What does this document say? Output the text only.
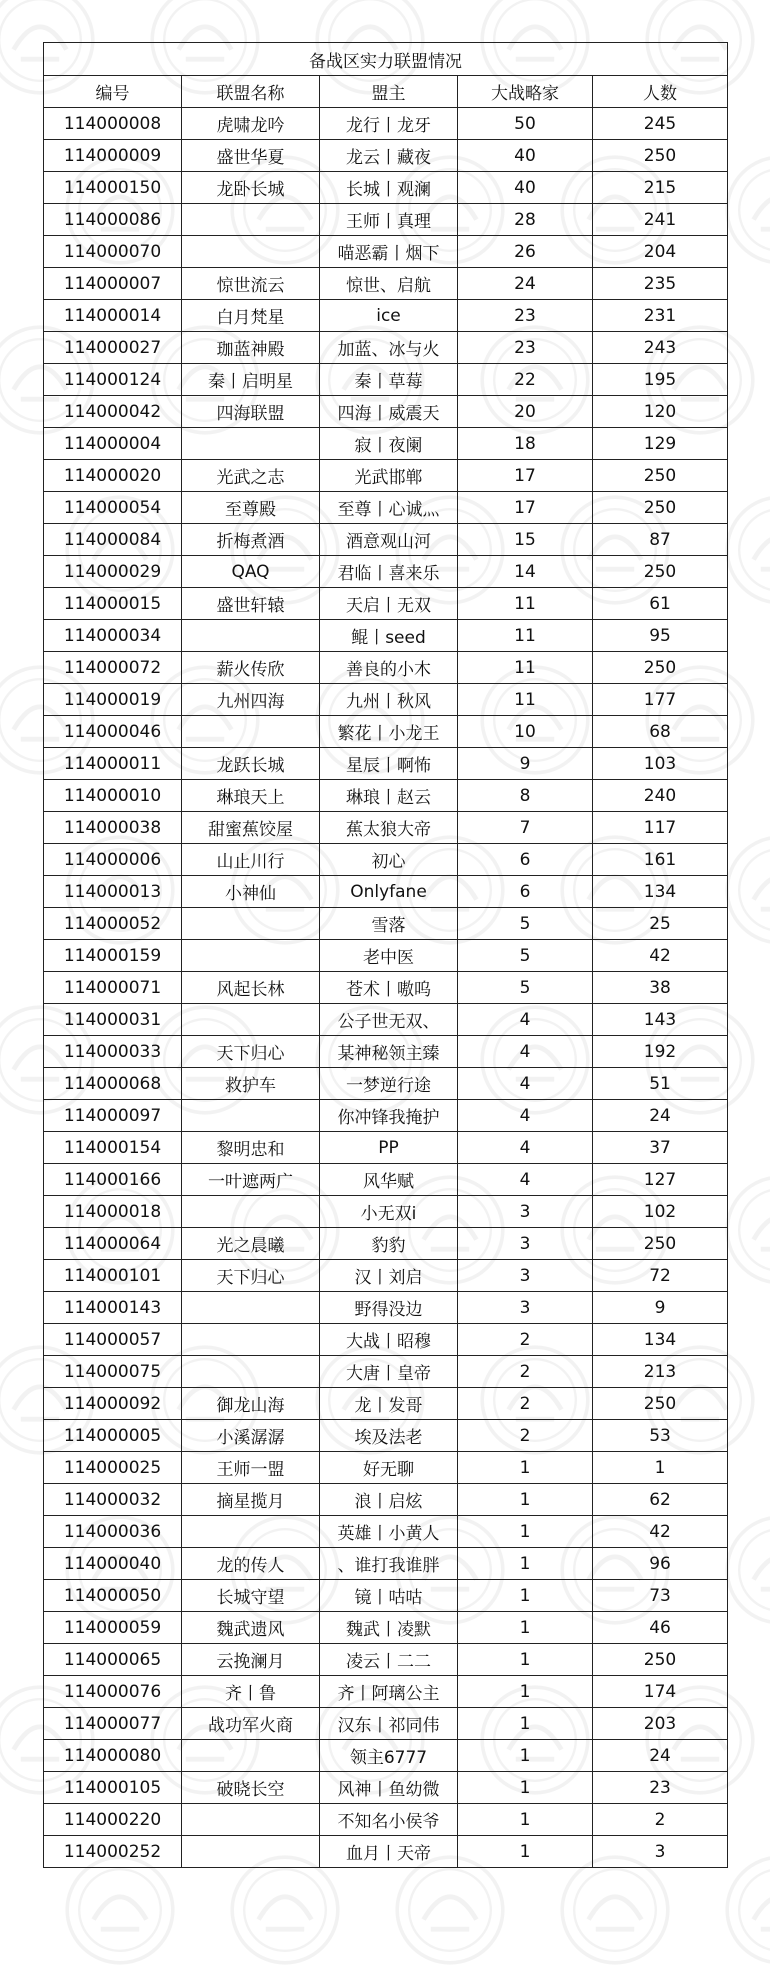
备战区实力联盟情况				
编号	联盟名称	盟主	大战略家	人数
114000008	虎啸龙吟	龙行丨龙牙	50	245
114000009	盛世华夏	龙云丨藏夜	40	250
114000150	龙卧长城	长城丨观澜	40	215
114000086		王师丨真理	28	241
114000070		喵恶霸丨烟下	26	204
114000007	惊世流云	惊世、启航	24	235
114000014	白月梵星	ice	23	231
114000027	珈蓝神殿	加蓝、冰与火	23	243
114000124	秦丨启明星	秦丨草莓	22	195
114000042	四海联盟	四海丨威震天	20	120
114000004		寂丨夜阑	18	129
114000020	光武之志	光武邯郸	17	250
114000054	至尊殿	至尊丨心诚灬	17	250
114000084	折梅煮酒	酒意观山河	15	87
114000029	QAQ	君临丨喜来乐	14	250
114000015	盛世轩辕	天启丨无双	11	61
114000034		鲲丨seed	11	95
114000072	薪火传欣	善良的小木	11	250
114000019	九州四海	九州丨秋风	11	177
114000046		繁花丨小龙王	10	68
114000011	龙跃长城	星辰丨啊怖	9	103
114000010	琳琅天上	琳琅丨赵云	8	240
114000038	甜蜜蕉饺屋	蕉太狼大帝	7	117
114000006	山止川行	初心	6	161
114000013	小神仙	Onlyfane	6	134
114000052		雪落	5	25
114000159		老中医	5	42
114000071	风起长林	苍术丨嗷呜	5	38
114000031		公子世无双、	4	143
114000033	天下归心	某神秘领主臻	4	192
114000068	救护车	一梦逆行途	4	51
114000097		你冲锋我掩护	4	24
114000154	黎明忠和	PP	4	37
114000166	一叶遮两广	风华赋	4	127
114000018		小无双i	3	102
114000064	光之晨曦	豹豹	3	250
114000101	天下归心	汉丨刘启	3	72
114000143		野得没边	3	9
114000057		大战丨昭穆	2	134
114000075		大唐丨皇帝	2	213
114000092	御龙山海	龙丨发哥	2	250
114000005	小溪潺潺	埃及法老	2	53
114000025	王师一盟	好无聊	1	1
114000032	摘星揽月	浪丨启炫	1	62
114000036		英雄丨小黄人	1	42
114000040	龙的传人	、谁打我谁胖	1	96
114000050	长城守望	镜丨咕咕	1	73
114000059	魏武遗风	魏武丨凌默	1	46
114000065	云挽澜月	凌云丨二二	1	250
114000076	齐丨鲁	齐丨阿璃公主	1	174
114000077	战功军火商	汉东丨祁同伟	1	203
114000080		领主6777	1	24
114000105	破晓长空	风神丨鱼幼微	1	23
114000220		不知名小侯爷	1	2
114000252		血月丨天帝	1	3
